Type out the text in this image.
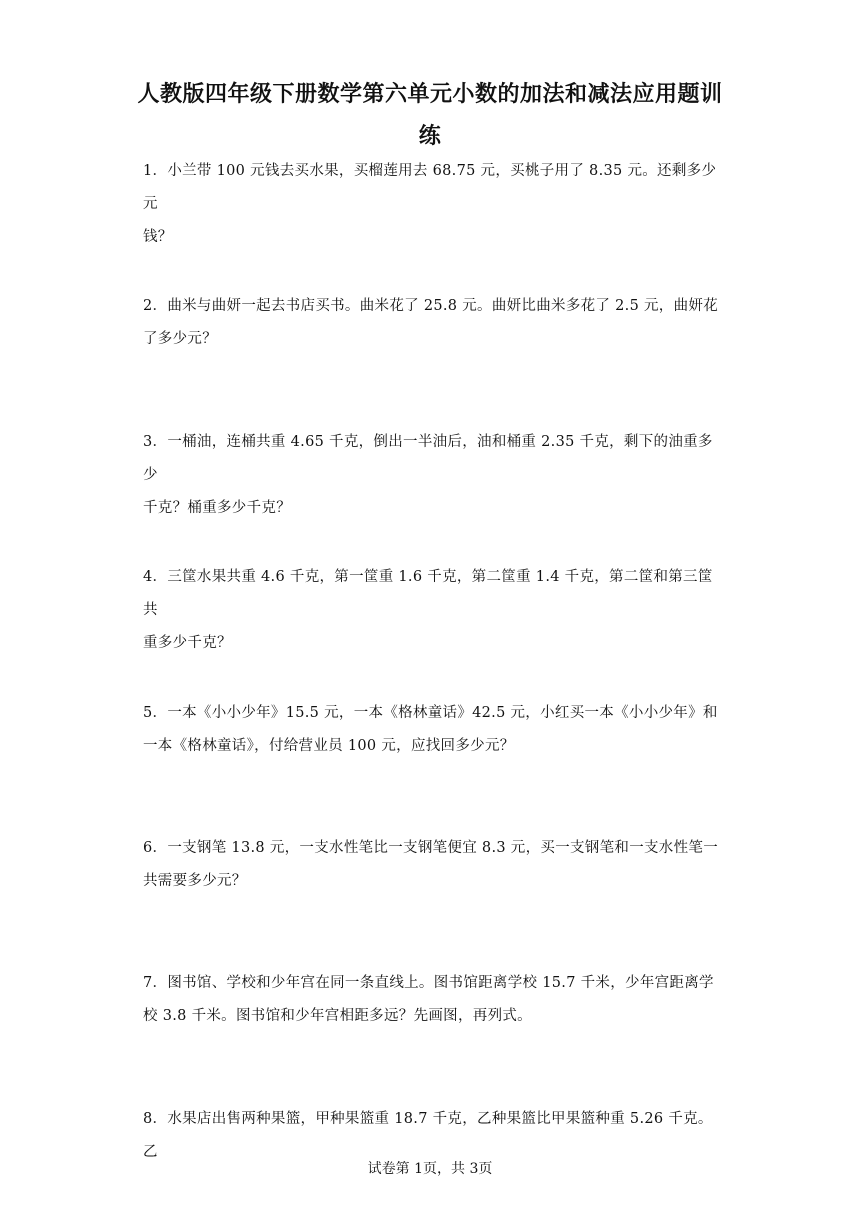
人教版四年级下册数学第六单元小数的加法和减法应用题训
练
1．小兰带 100 元钱去买水果，买榴莲用去 68.75 元，买桃子用了 8.35 元。还剩多少元
钱？
2．曲米与曲妍一起去书店买书。曲米花了 25.8 元。曲妍比曲米多花了 2.5 元，曲妍花
了多少元？
3．一桶油，连桶共重 4.65 千克，倒出一半油后，油和桶重 2.35 千克，剩下的油重多少
千克？桶重多少千克？
4．三筐水果共重 4.6 千克，第一筐重 1.6 千克，第二筐重 1.4 千克，第二筐和第三筐共
重多少千克？
5．一本《小小少年》15.5 元，一本《格林童话》42.5 元，小红买一本《小小少年》和
一本《格林童话》，付给营业员 100 元，应找回多少元？
6．一支钢笔 13.8 元，一支水性笔比一支钢笔便宜 8.3 元，买一支钢笔和一支水性笔一
共需要多少元？
7．图书馆、学校和少年宫在同一条直线上。图书馆距离学校 15.7 千米，少年宫距离学
校 3.8 千米。图书馆和少年宫相距多远？先画图，再列式。
8．水果店出售两种果篮，甲种果篮重 18.7 千克，乙种果篮比甲果篮种重 5.26 千克。乙
试卷第 1页，共 3页
